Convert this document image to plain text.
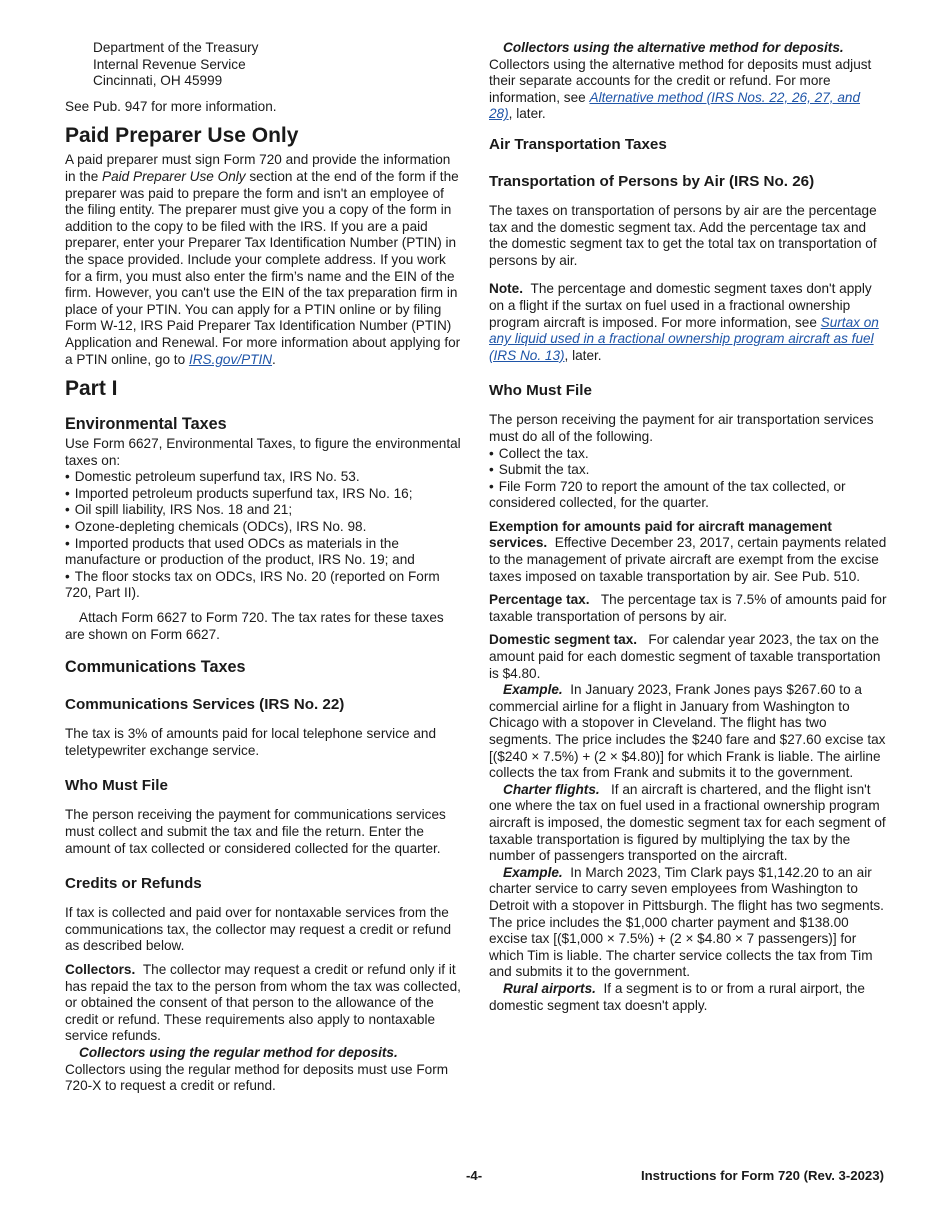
Department of the Treasury
Internal Revenue Service
Cincinnati, OH 45999

See Pub. 947 for more information.

Paid Preparer Use Only

A paid preparer must sign Form 720 and provide the information in the Paid Preparer Use Only section at the end of the form if the preparer was paid to prepare the form and isn't an employee of the filing entity. The preparer must give you a copy of the form in addition to the copy to be filed with the IRS. If you are a paid preparer, enter your Preparer Tax Identification Number (PTIN) in the space provided. Include your complete address. If you work for a firm, you must also enter the firm’s name and the EIN of the firm. However, you can't use the EIN of the tax preparation firm in place of your PTIN. You can apply for a PTIN online or by filing Form W-12, IRS Paid Preparer Tax Identification Number (PTIN) Application and Renewal. For more information about applying for a PTIN online, go to IRS.gov/PTIN.

Part I
Environmental Taxes

Use Form 6627, Environmental Taxes, to figure the environmental taxes on:

• Domestic petroleum superfund tax, IRS No. 53.
• Imported petroleum products superfund tax, IRS No. 16;
• Oil spill liability, IRS Nos. 18 and 21;
• Ozone-depleting chemicals (ODCs), IRS No. 98.
• Imported products that used ODCs as materials in the manufacture or production of the product, IRS No. 19; and
• The floor stocks tax on ODCs, IRS No. 20 (reported on Form 720, Part II).

Attach Form 6627 to Form 720. The tax rates for these taxes are shown on Form 6627.

Communications Taxes
Communications Services (IRS No. 22)

The tax is 3% of amounts paid for local telephone service and teletypewriter exchange service.

Who Must File

The person receiving the payment for communications services must collect and submit the tax and file the return. Enter the amount of tax collected or considered collected for the quarter.

Credits or Refunds

If tax is collected and paid over for nontaxable services from the communications tax, the collector may request a credit or refund as described below.

Collectors. The collector may request a credit or refund only if it has repaid the tax to the person from whom the tax was collected, or obtained the consent of that person to the allowance of the credit or refund. These requirements also apply to nontaxable service refunds.

Collectors using the regular method for deposits.

Collectors using the regular method for deposits must use Form 720-X to request a credit or refund.

Collectors using the alternative method for deposits.

Collectors using the alternative method for deposits must adjust their separate accounts for the credit or refund. For more information, see Alternative method (IRS Nos. 22, 26, 27, and 28), later.

Air Transportation Taxes
Transportation of Persons by Air (IRS No. 26)

The taxes on transportation of persons by air are the percentage tax and the domestic segment tax. Add the percentage tax and the domestic segment tax to get the total tax on transportation of persons by air.

Note. The percentage and domestic segment taxes don't apply on a flight if the surtax on fuel used in a fractional ownership program aircraft is imposed. For more information, see Surtax on any liquid used in a fractional ownership program aircraft as fuel (IRS No. 13), later.

Who Must File

The person receiving the payment for air transportation services must do all of the following.

• Collect the tax.
• Submit the tax.
• File Form 720 to report the amount of the tax collected, or considered collected, for the quarter.

Exemption for amounts paid for aircraft management services. Effective December 23, 2017, certain payments related to the management of private aircraft are exempt from the excise taxes imposed on taxable transportation by air. See Pub. 510.

Percentage tax. The percentage tax is 7.5% of amounts paid for taxable transportation of persons by air.

Domestic segment tax. For calendar year 2023, the tax on the amount paid for each domestic segment of taxable transportation is $4.80.

Example. In January 2023, Frank Jones pays $267.60 to a commercial airline for a flight in January from Washington to Chicago with a stopover in Cleveland. The flight has two segments. The price includes the $240 fare and $27.60 excise tax [($240 × 7.5%) + (2 × $4.80)] for which Frank is liable. The airline collects the tax from Frank and submits it to the government.

Charter flights. If an aircraft is chartered, and the flight isn't one where the tax on fuel used in a fractional ownership program aircraft is imposed, the domestic segment tax for each segment of taxable transportation is figured by multiplying the tax by the number of passengers transported on the aircraft.

Example. In March 2023, Tim Clark pays $1,142.20 to an air charter service to carry seven employees from Washington to Detroit with a stopover in Pittsburgh. The flight has two segments. The price includes the $1,000 charter payment and $138.00 excise tax [($1,000 × 7.5%) + (2 × $4.80 × 7 passengers)] for which Tim is liable. The charter service collects the tax from Tim and submits it to the government.

Rural airports. If a segment is to or from a rural airport, the domestic segment tax doesn't apply.

-4-	Instructions for Form 720 (Rev. 3-2023)
